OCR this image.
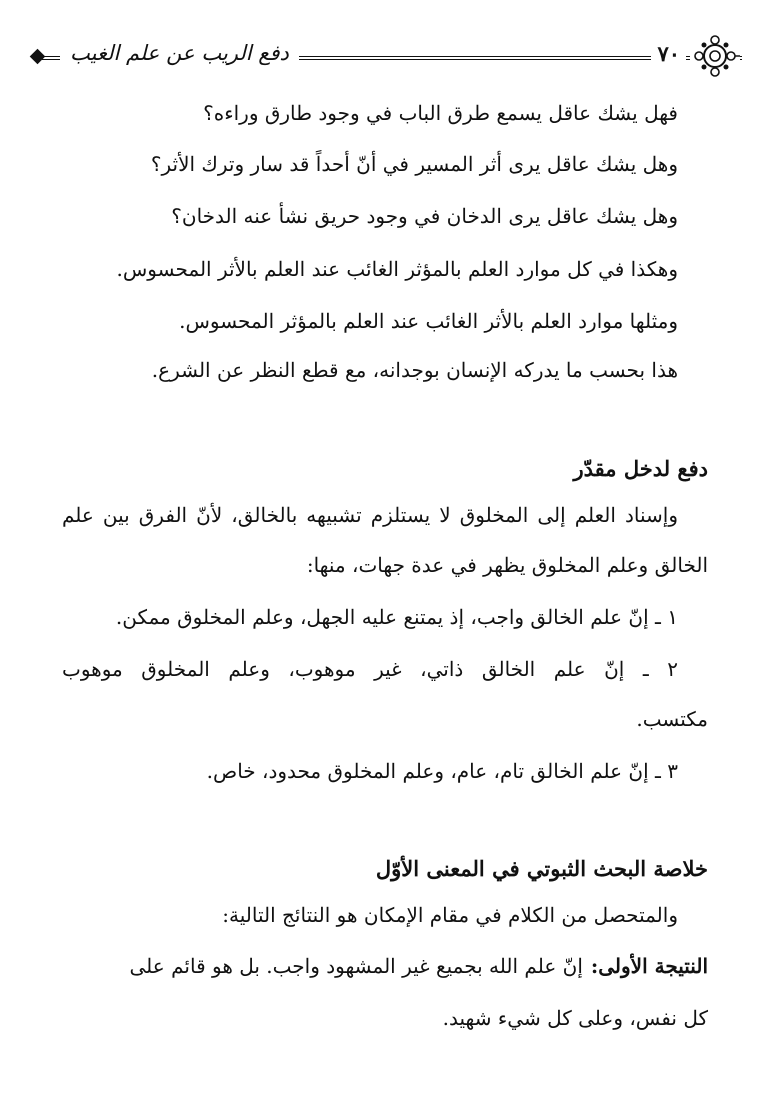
دفع الريب عن علم الغيب	٧٠
فهل يشك عاقل يسمع طرق الباب في وجود طارق وراءه؟
وهل يشك عاقل يرى أثر المسير في أنّ أحداً قد سار وترك الأثر؟
وهل يشك عاقل يرى الدخان في وجود حريق نشأ عنه الدخان؟
وهكذا في كل موارد العلم بالمؤثر الغائب عند العلم بالأثر المحسوس.
ومثلها موارد العلم بالأثر الغائب عند العلم بالمؤثر المحسوس.
هذا بحسب ما يدركه الإنسان بوجدانه، مع قطع النظر عن الشرع.
دفع لدخل مقدّر
وإسناد العلم إلى المخلوق لا يستلزم تشبيهه بالخالق، لأنّ الفرق بين علم
الخالق وعلم المخلوق يظهر في عدة جهات، منها:
١ ـ إنّ علم الخالق واجب، إذ يمتنع عليه الجهل، وعلم المخلوق ممكن.
٢ ـ إنّ علم الخالق ذاتي، غير موهوب، وعلم المخلوق موهوب
مكتسب.
٣ ـ إنّ علم الخالق تام، عام، وعلم المخلوق محدود، خاص.
خلاصة البحث الثبوتي في المعنى الأوّل
والمتحصل من الكلام في مقام الإمكان هو النتائج التالية:
النتيجة الأولى:
إنّ علم الله بجميع غير المشهود واجب. بل هو قائم على
كل نفس، وعلى كل شيء شهيد.
